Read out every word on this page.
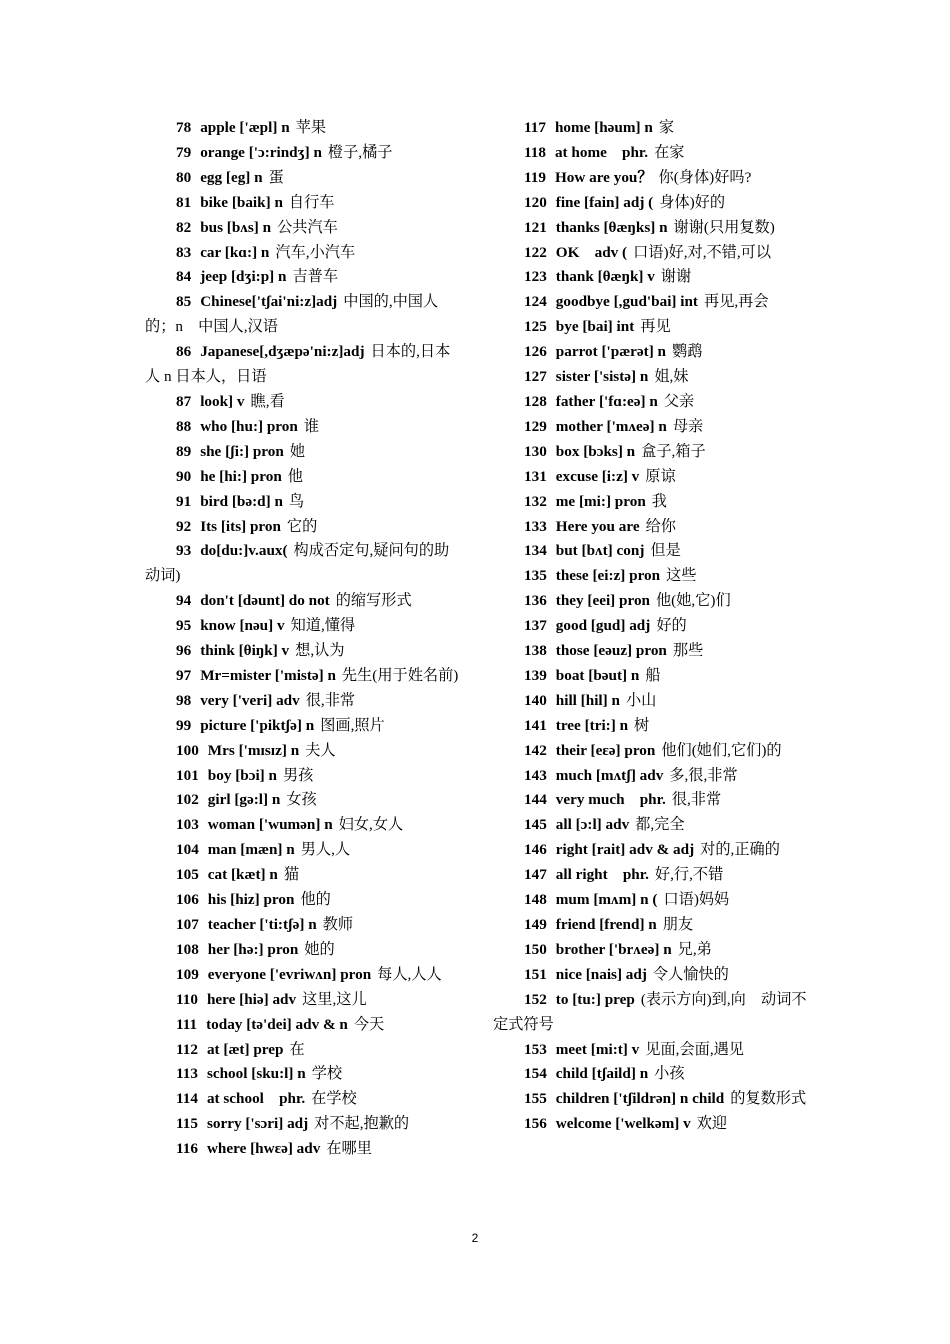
78 apple ['æpl] n 苹果

79 orange ['ɔ:rindʒ] n 橙子,橘子

80 egg [eg] n 蛋

81 bike [baik] n 自行车

82 bus [bʌs] n 公共汽车

83 car [kɑ:] n 汽车,小汽车

84 jeep [dʒi:p] n 吉普车

85 Chinese['tʃai'ni:z]adj 中国的,中国人的；n　中国人,汉语

86 Japanese[,dʒæpə'ni:z]adj 日本的,日本人 n 日本人，日语

87 look] v 瞧,看

88 who [hu:] pron 谁

89 she [ʃi:] pron 她

90 he [hi:] pron 他

91 bird [bə:d] n 鸟

92 Its [its] pron 它的

93 do[du:]v.aux( 构成否定句,疑问句的助动词)

94 don't [dəunt] do not 的缩写形式

95 know [nəu] v 知道,懂得

96 think [θiŋk] v 想,认为

97 Mr=mister ['mistə] n 先生(用于姓名前)

98 very ['veri] adv 很,非常

99 picture ['piktʃə] n 图画,照片

100 Mrs ['mɪsɪz] n 夫人

101 boy [bɔi] n 男孩

102 girl [gə:l] n 女孩

103 woman ['wumən] n 妇女,女人

104 man [mæn] n 男人,人

105 cat [kæt] n 猫

106 his [hiz] pron 他的

107 teacher ['ti:tʃə] n 教师

108 her [hə:] pron 她的

109 everyone ['evriwʌn] pron 每人,人人

110 here [hiə] adv 这里,这儿

111 today [tə'dei] adv & n 今天

112 at [æt] prep 在

113 school [sku:l] n 学校

114 at school　phr. 在学校

115 sorry ['sɔri] adj 对不起,抱歉的

116 where [hwɛə] adv 在哪里

117 home [həum] n 家

118 at home　phr. 在家

119 How are you？ 你(身体)好吗?

120 fine [fain] adj ( 身体)好的

121 thanks [θæŋks] n 谢谢(只用复数)

122 OK　adv ( 口语)好,对,不错,可以

123 thank [θæŋk] v 谢谢

124 goodbye [,gud'bai] int 再见,再会

125 bye [bai] int 再见

126 parrot ['pærət] n 鹦鹉

127 sister ['sistə] n 姐,妹

128 father ['fɑ:eə] n 父亲

129 mother ['mʌeə] n 母亲

130 box [bɔks] n 盒子,箱子

131 excuse [i:z] v 原谅

132 me [mi:] pron 我

133 Here you are 给你

134 but [bʌt] conj 但是

135 these [ei:z] pron 这些

136 they [eei] pron 他(她,它)们

137 good [gud] adj 好的

138 those [eəuz] pron 那些

139 boat [bəut] n 船

140 hill [hil] n 小山

141 tree [tri:] n 树

142 their [eɛə] pron 他们(她们,它们)的

143 much [mʌtʃ] adv 多,很,非常

144 very much　phr. 很,非常

145 all [ɔ:l] adv 都,完全

146 right [rait] adv & adj 对的,正确的

147 all right　phr. 好,行,不错

148 mum [mʌm] n ( 口语)妈妈

149 friend [frend] n 朋友

150 brother ['brʌeə] n 兄,弟

151 nice [nais] adj 令人愉快的

152 to [tu:] prep (表示方向)到,向　动词不定式符号

153 meet [mi:t] v 见面,会面,遇见

154 child [tʃaild] n 小孩

155 children ['tʃildrən] n child 的复数形式

156 welcome ['welkəm] v 欢迎

2
